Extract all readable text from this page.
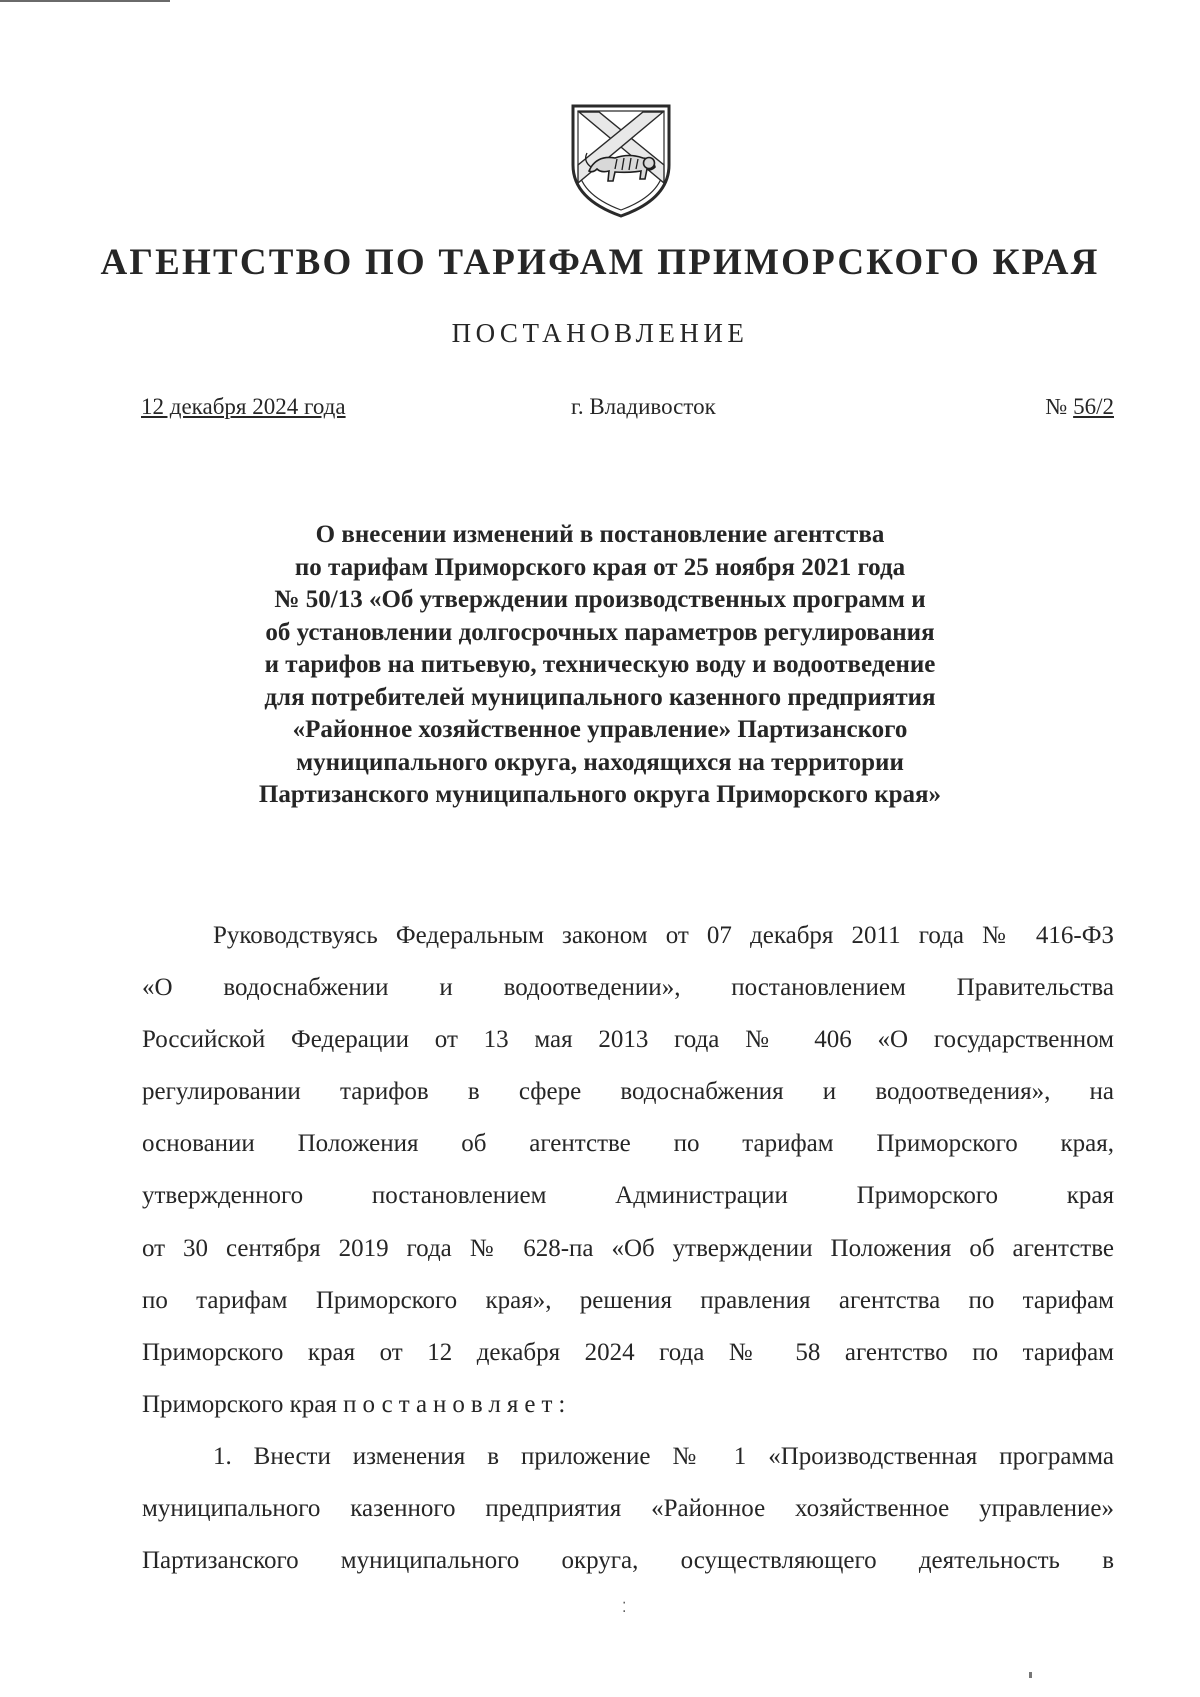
АГЕНТСТВО ПО ТАРИФАМ ПРИМОРСКОГО КРАЯ
ПОСТАНОВЛЕНИЕ
12 декабря 2024 года	г. Владивосток	№ 56/2
О внесении изменений в постановление агентства
по тарифам Приморского края от 25 ноября 2021 года
№ 50/13 «Об утверждении производственных программ и
об установлении долгосрочных параметров регулирования
и тарифов на питьевую, техническую воду и водоотведение
для потребителей муниципального казенного предприятия
«Районное хозяйственное управление» Партизанского
муниципального округа, находящихся на территории
Партизанского муниципального округа Приморского края»
Руководствуясь Федеральным законом от 07 декабря 2011 года № 416-ФЗ
«О водоснабжении и водоотведении», постановлением Правительства
Российской Федерации от 13 мая 2013 года № 406 «О государственном
регулировании тарифов в сфере водоснабжения и водоотведения», на
основании Положения об агентстве по тарифам Приморского края,
утвержденного постановлением Администрации Приморского края
от 30 сентября 2019 года № 628-па «Об утверждении Положения об агентстве
по тарифам Приморского края», решения правления агентства по тарифам
Приморского края от 12 декабря 2024 года № 58 агентство по тарифам
Приморского края постановляет:
1. Внести изменения в приложение № 1 «Производственная программа
муниципального казенного предприятия «Районное хозяйственное управление»
Партизанского муниципального округа, осуществляющего деятельность в
⁚
